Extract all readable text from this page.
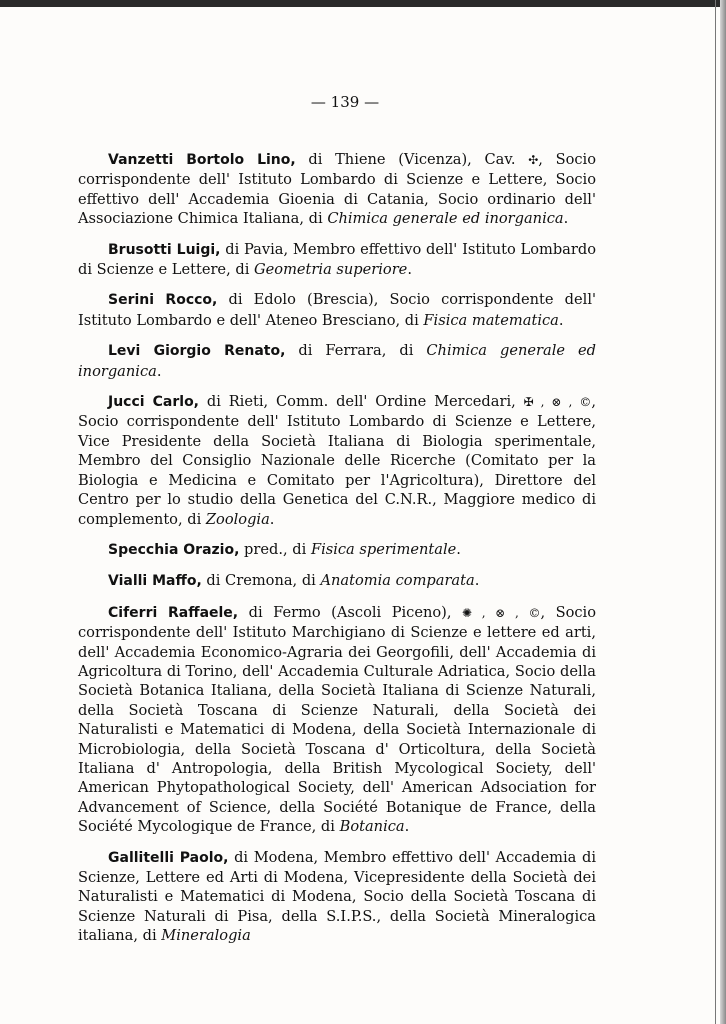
— 139 —

Vanzetti Bortolo Lino, di Thiene (Vicenza), Cav. ✣, Socio corrispondente dell' Istituto Lombardo di Scienze e Lettere, Socio effettivo dell' Accademia Gioenia di Catania, Socio ordinario dell' Associazione Chimica Italiana, di Chimica generale ed inorganica.

Brusotti Luigi, di Pavia, Membro effettivo dell' Istituto Lombardo di Scienze e Lettere, di Geometria superiore.

Serini Rocco, di Edolo (Brescia), Socio corrispondente dell' Istituto Lombardo e dell' Ateneo Bresciano, di Fisica matematica.

Levi Giorgio Renato, di Ferrara, di Chimica generale ed inorganica.

Jucci Carlo, di Rieti, Comm. dell' Ordine Mercedari, ✠ , ⊗ , ©, Socio corrispondente dell' Istituto Lombardo di Scienze e Lettere, Vice Presidente della Società Italiana di Biologia sperimentale, Membro del Consiglio Nazionale delle Ricerche (Comitato per la Biologia e Medicina e Comitato per l'Agricoltura), Direttore del Centro per lo studio della Genetica del C.N.R., Maggiore medico di complemento, di Zoologia.

Specchia Orazio, pred., di Fisica sperimentale.

Vialli Maffo, di Cremona, di Anatomia comparata.

Ciferri Raffaele, di Fermo (Ascoli Piceno), ✺ , ⊗ , ©, Socio corrispondente dell' Istituto Marchigiano di Scienze e lettere ed arti, dell' Accademia Economico-Agraria dei Georgofili, dell' Accademia di Agricoltura di Torino, dell' Accademia Culturale Adriatica, Socio della Società Botanica Italiana, della Società Italiana di Scienze Naturali, della Società Toscana di Scienze Naturali, della Società dei Naturalisti e Matematici di Modena, della Società Internazionale di Microbiologia, della Società Toscana d' Orticoltura, della Società Italiana d' Antropologia, della British Mycological Society, dell' American Phytopathological Society, dell' American Adsociation for Advancement of Science, della Société Botanique de France, della Société Mycologique de France, di Botanica.

Gallitelli Paolo, di Modena, Membro effettivo dell' Accademia di Scienze, Lettere ed Arti di Modena, Vicepresidente della Società dei Naturalisti e Matematici di Modena, Socio della Società Toscana di Scienze Naturali di Pisa, della S.I.P.S., della Società Mineralogica italiana, di Mineralogia
